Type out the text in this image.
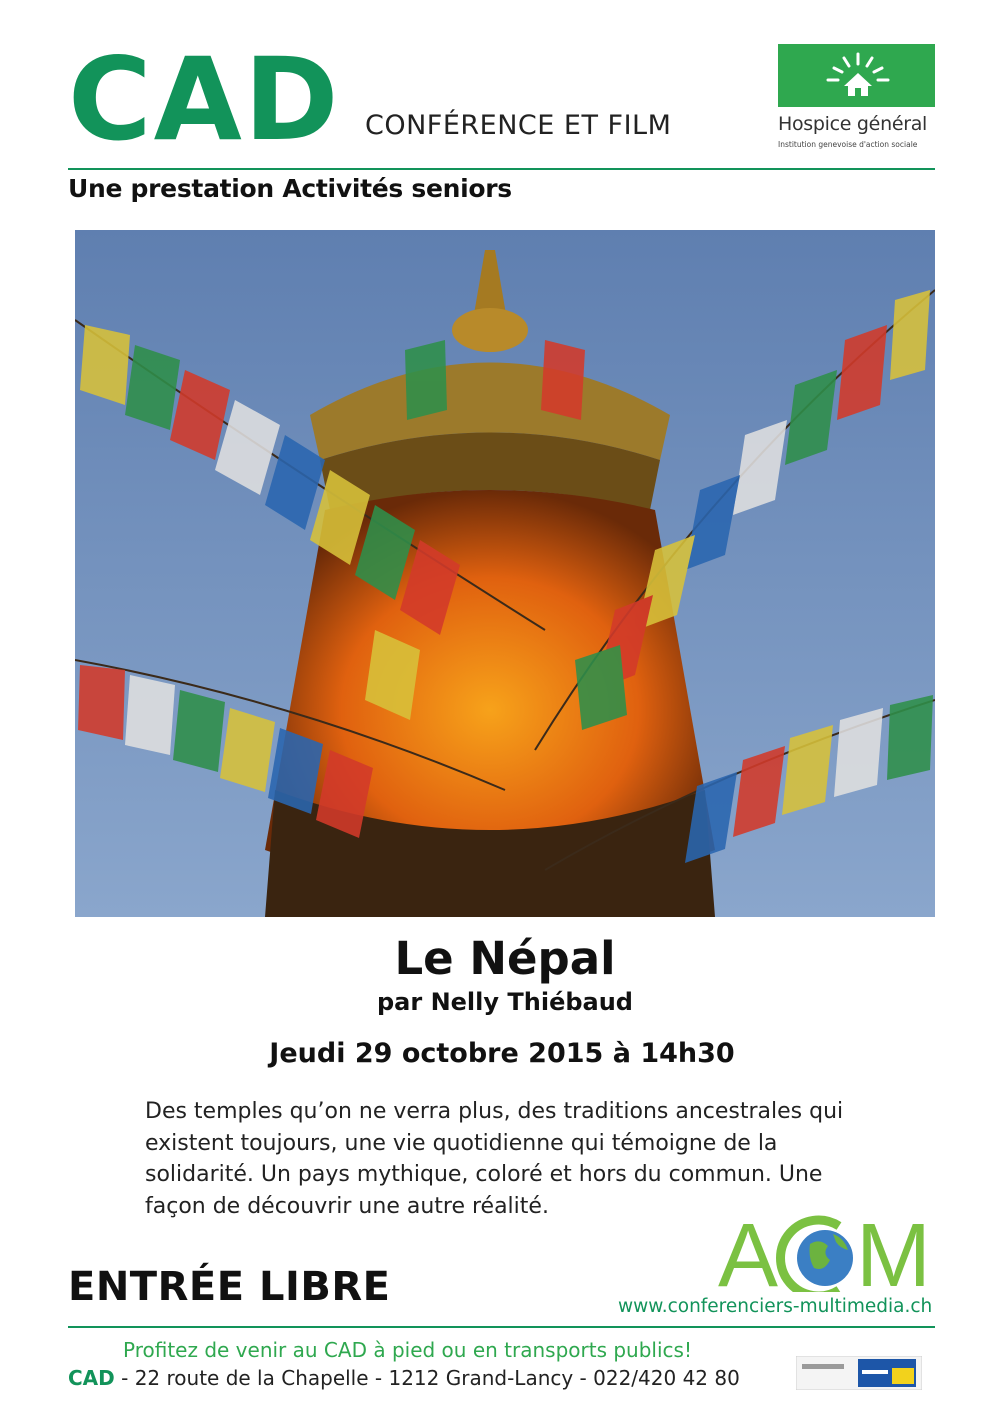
CAD CONFÉRENCE ET FILM	Hospice général
Institution genevoise d'action sociale
Une prestation Activités seniors
Le Népal
par Nelly Thiébaud
Jeudi 29 octobre 2015 à 14h30

Des temples qu’on ne verra plus, des traditions ancestrales qui existent toujours, une vie quotidienne qui témoigne de la solidarité. Un pays mythique, coloré et hors du commun. Une façon de découvrir une autre réalité.	A M
ENTRÉE LIBRE	www.conferenciers-multimedia.ch
Profitez de venir au CAD à pied ou en transports publics!
CAD - 22 route de la Chapelle - 1212 Grand-Lancy - 022/420 42 80
